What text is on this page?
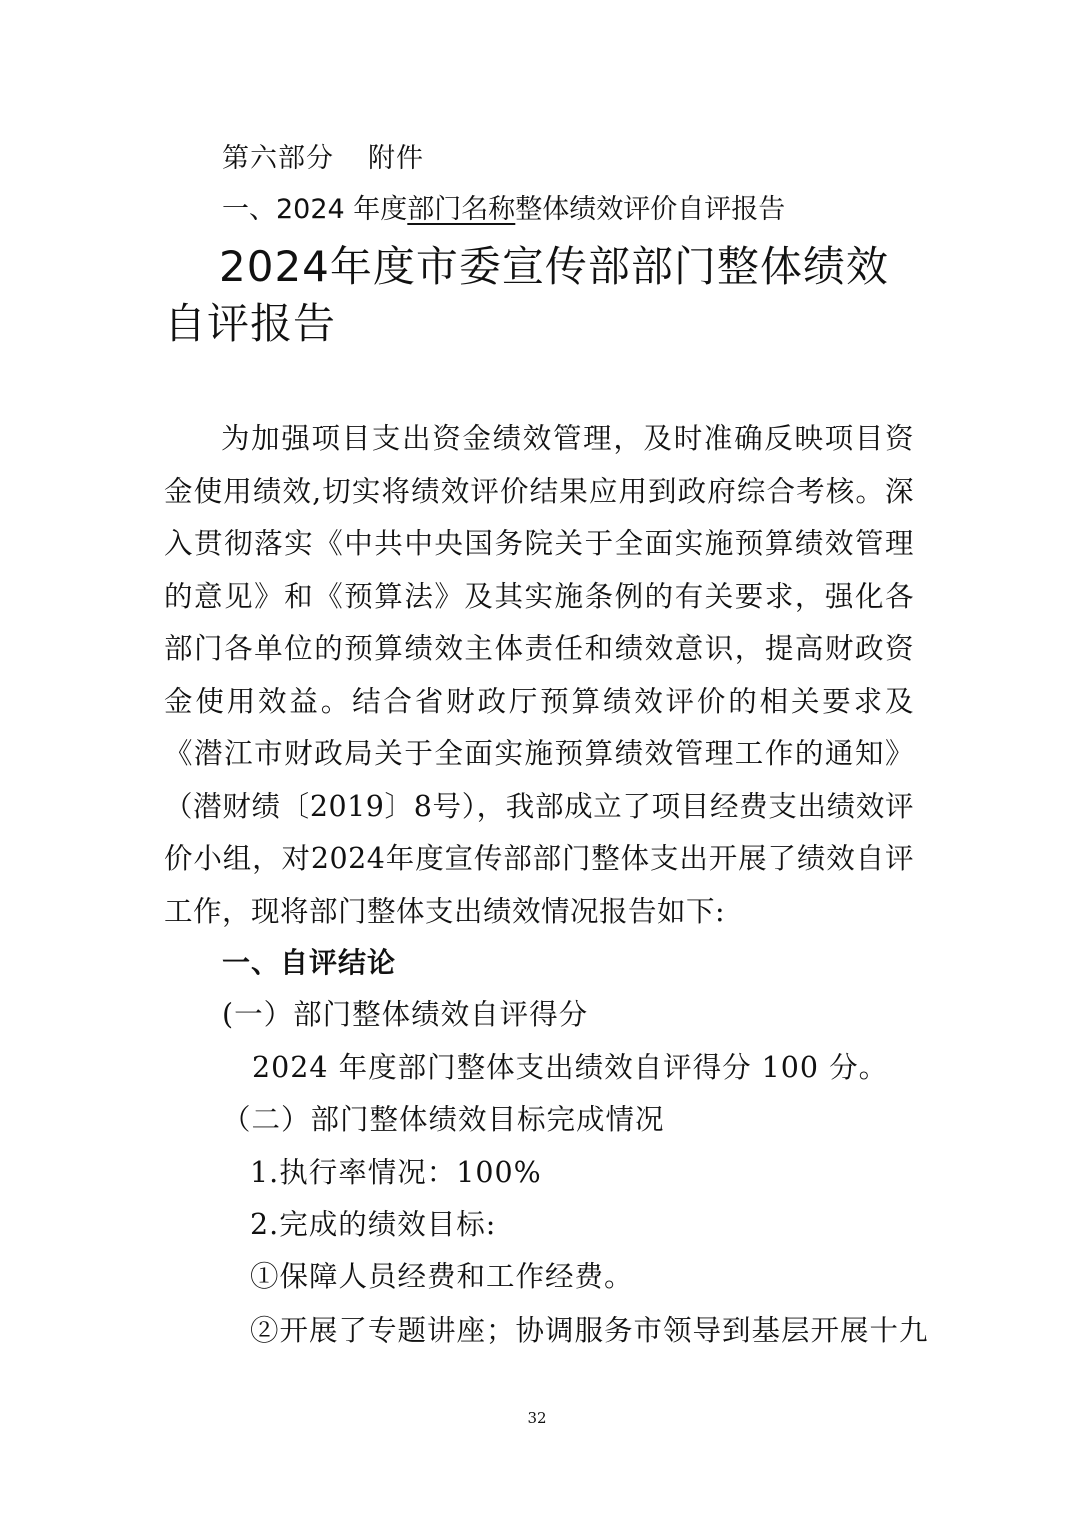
第六部分 附件
一、2024 年度部门名称整体绩效评价自评报告
2024年度市委宣传部部门整体绩效自评报告
为加强项目支出资金绩效管理，及时准确反映项目资金使用绩效,切实将绩效评价结果应用到政府综合考核。深入贯彻落实《中共中央国务院关于全面实施预算绩效管理的意见》和《预算法》及其实施条例的有关要求，强化各部门各单位的预算绩效主体责任和绩效意识，提高财政资金使用效益。结合省财政厅预算绩效评价的相关要求及《潜江市财政局关于全面实施预算绩效管理工作的通知》（潜财绩〔2019〕8号），我部成立了项目经费支出绩效评价小组，对2024年度宣传部部门整体支出开展了绩效自评工作，现将部门整体支出绩效情况报告如下:
一、自评结论
(一）部门整体绩效自评得分
2024 年度部门整体支出绩效自评得分 100 分。
（二）部门整体绩效目标完成情况
1.执行率情况：100%
2.完成的绩效目标:
①保障人员经费和工作经费。
②开展了专题讲座；协调服务市领导到基层开展十九
32
